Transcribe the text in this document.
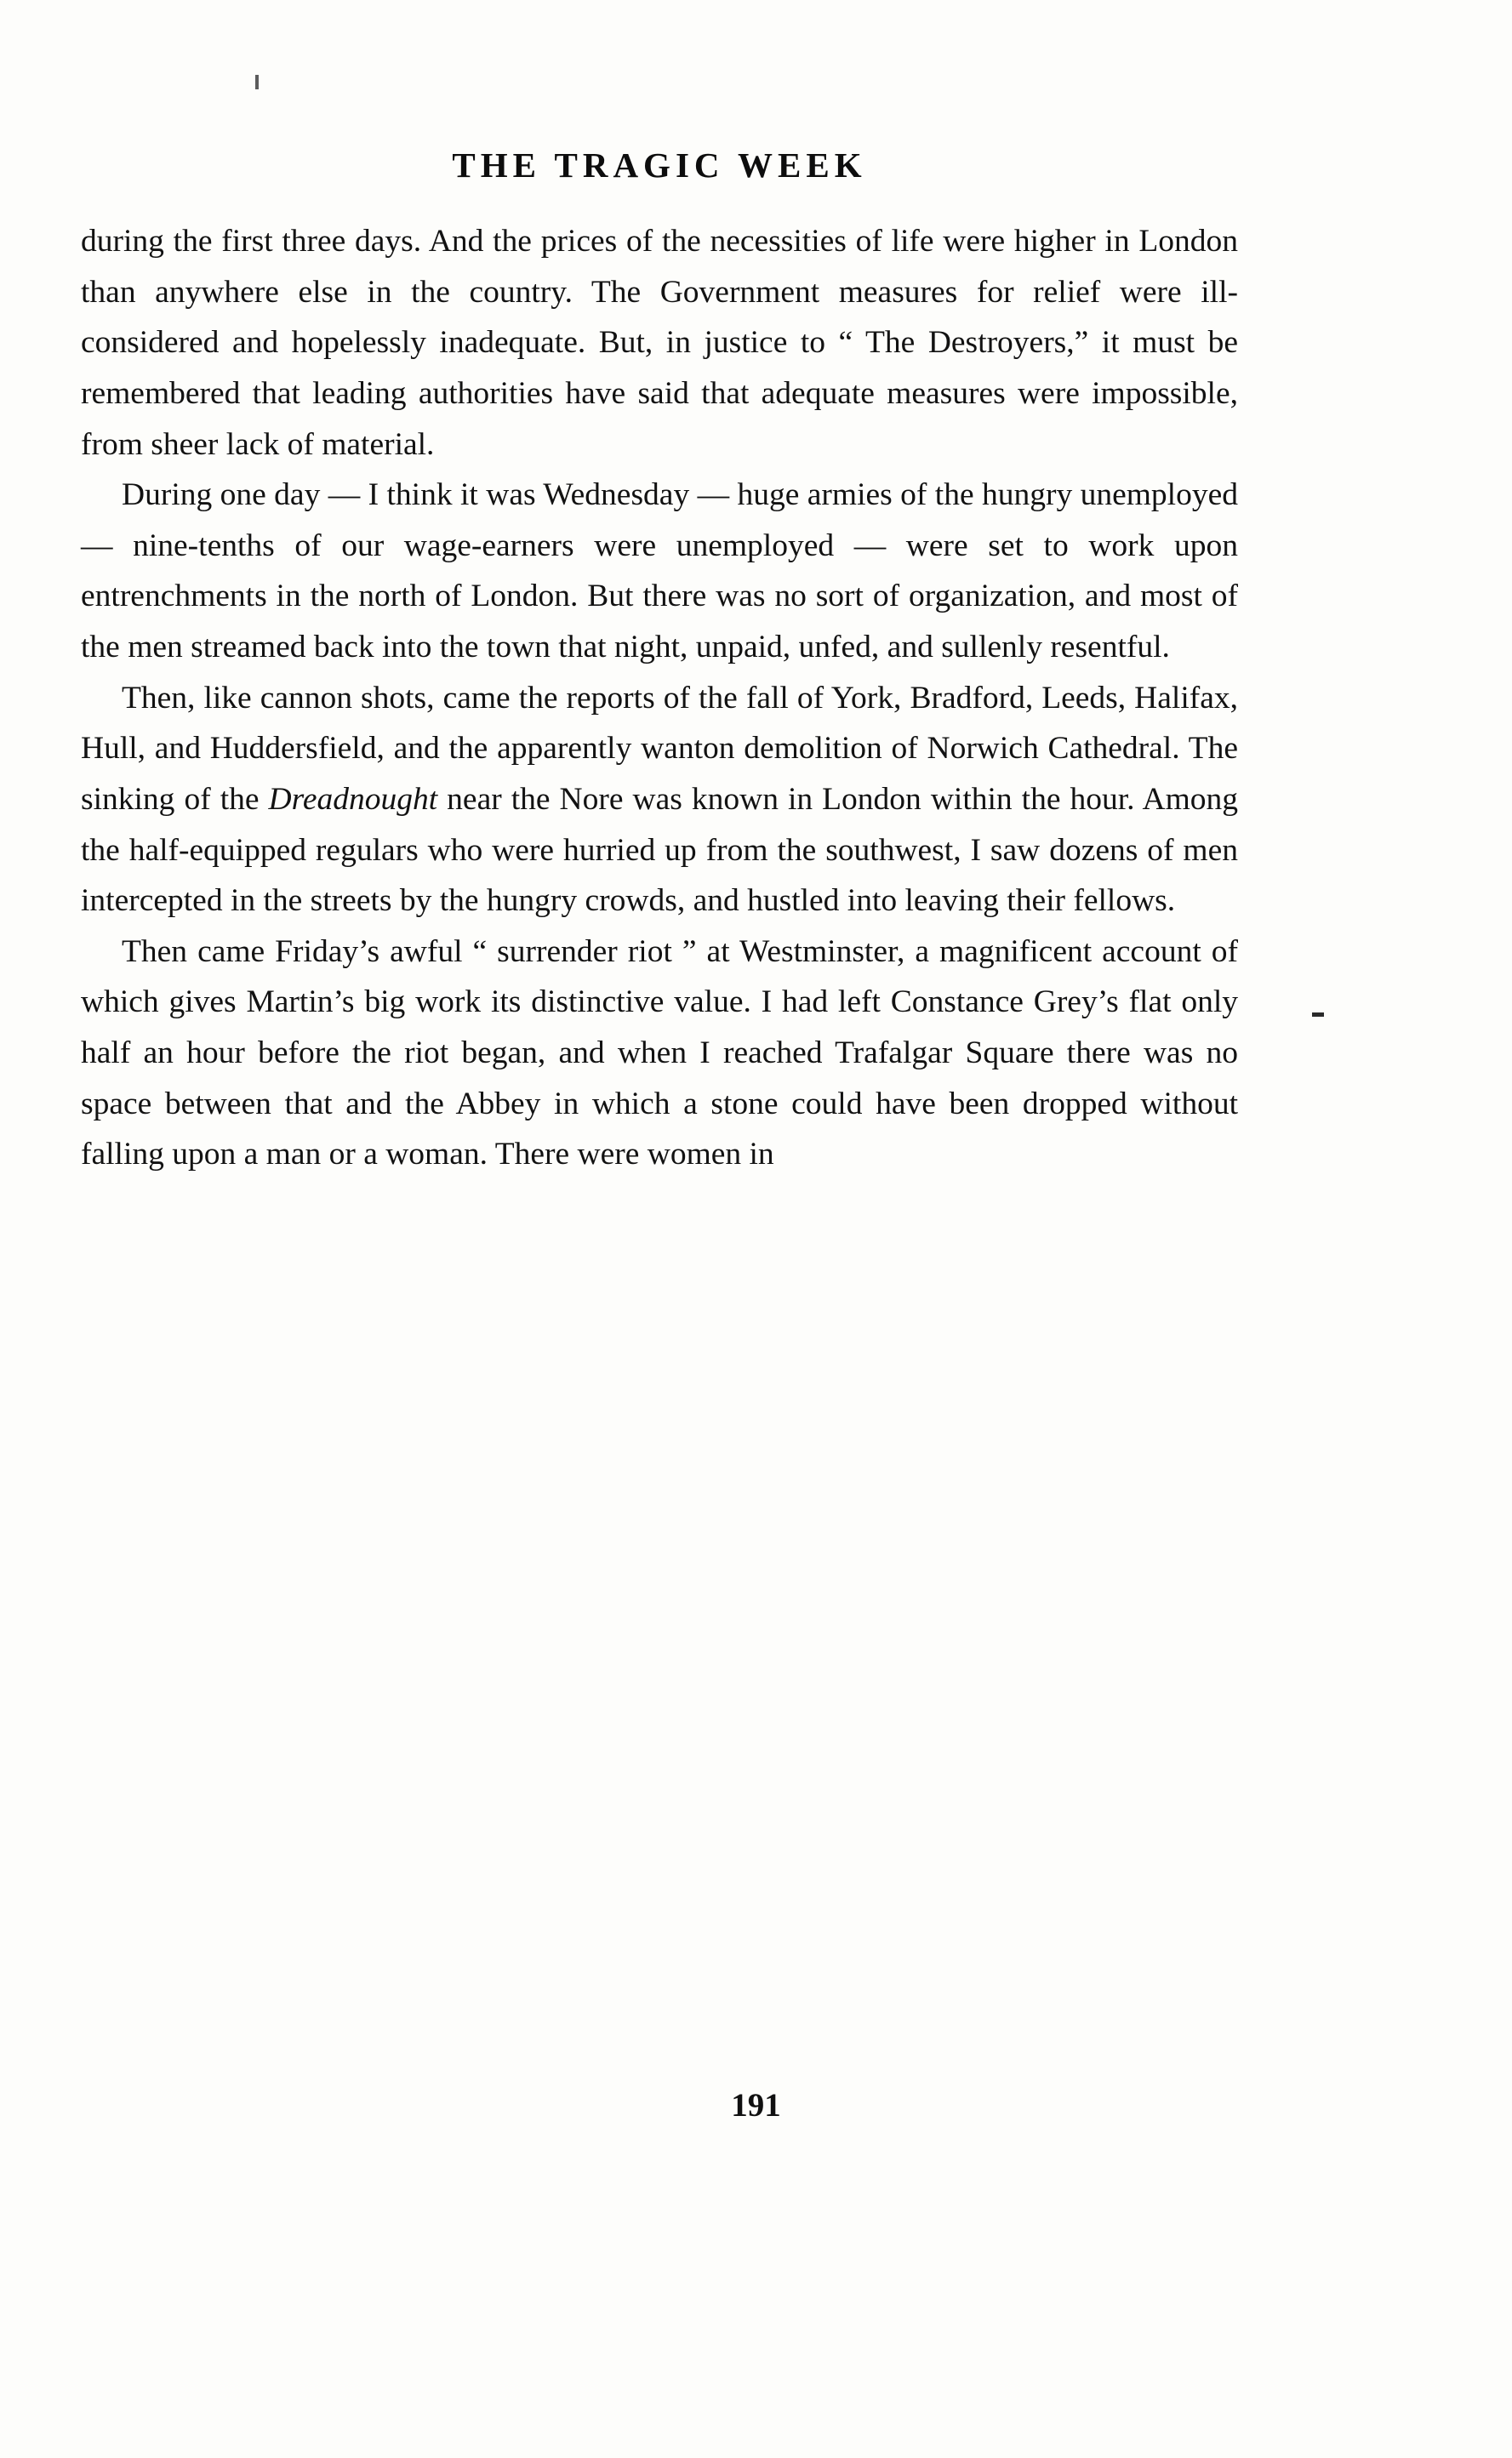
THE TRAGIC WEEK

during the first three days. And the prices of the necessities of life were higher in London than anywhere else in the country. The Government measures for relief were ill-considered and hopelessly inadequate. But, in justice to “ The Destroyers,” it must be remembered that leading authorities have said that adequate measures were impossible, from sheer lack of material.

During one day — I think it was Wednesday — huge armies of the hungry unemployed — nine-tenths of our wage-earners were unemployed — were set to work upon entrenchments in the north of London. But there was no sort of organization, and most of the men streamed back into the town that night, unpaid, unfed, and sullenly resentful.

Then, like cannon shots, came the reports of the fall of York, Bradford, Leeds, Halifax, Hull, and Huddersfield, and the apparently wanton demolition of Norwich Cathedral. The sinking of the Dreadnought near the Nore was known in London within the hour. Among the half-equipped regulars who were hurried up from the southwest, I saw dozens of men intercepted in the streets by the hungry crowds, and hustled into leaving their fellows.

Then came Friday’s awful “ surrender riot ” at Westminster, a magnificent account of which gives Martin’s big work its distinctive value. I had left Constance Grey’s flat only half an hour before the riot began, and when I reached Trafalgar Square there was no space between that and the Abbey in which a stone could have been dropped without falling upon a man or a woman. There were women in

191
